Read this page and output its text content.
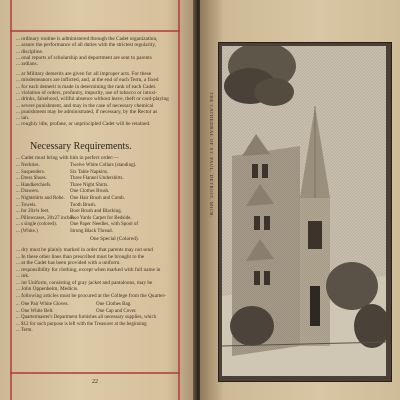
... ordinary routine is administered through the Cadet organization,
... assure the performance of all duties with the strictest regularity,
... discipline.
... onal reports of scholarship and deportment are sent to parents
... ardians.
... ar Military demerits are given for all improper acts. For these
... misdemeanors are inflicted, and, at the end of each Term, a fixed
... for each demerit is made in determining the rank of each Cadet.
... violation of orders, profanity, impurity, use of tobacco or intoxi-
... drinks, falsehood, willful absence without leave, theft or card-playing
... severe punishment, and may in the case of necessary chemical
... punishment may be administrated, if necessary, by the Rector as
... ian.
... roughly idle, profane, or unprincipled Cadet will be retained.
Necessary Requirements.
... Cadet must bring with him in perfect order:—
... Neckties.
... Suspenders.
... Dress Shoes.
... Handkerchiefs.
... Drawers.
... Nightshirts and Robe.
... Towels.
... for 20x¾ feet.
... Pillowcases, 20x27 inches.
... s single (colored).
... (White.)
Twelve White Collars (standing).
Six Table Napkins.
Three Flannel Undershirts.
Three Night Shirts.
One Clothes Brush.
One Hair Brush and Comb.
Tooth Brush.
Boot Brush and Blacking.
Two Yards Carpet for Bedside.
One Paper Needles, with Spool of
Strong Black Thread.
One Special (Colored).
... dry must be plainly marked in order that parents may not send
... In these other lines than prescribed must be brought to the
... at the Cadet has been provided with a uniform.
... responsibility for clothing, except when marked with full name in
... ink.
... int Uniform, consisting of gray jacket and pantaloons, may be
... John Oppenheim, Medicis.
... following articles must be procured at the College from the Quarter-
... One Pair White Gloves.
... One White Belt.
... Quartermaster's Department furnishes all necessary supplies, which
... $12 for such purpose is left with the Treasurer at the beginning
... Term.
One Clothes Bag.
One Cap and Cover.
22
THE CATHEDRAL OF ST. PAUL, DETROIT, MICH.
